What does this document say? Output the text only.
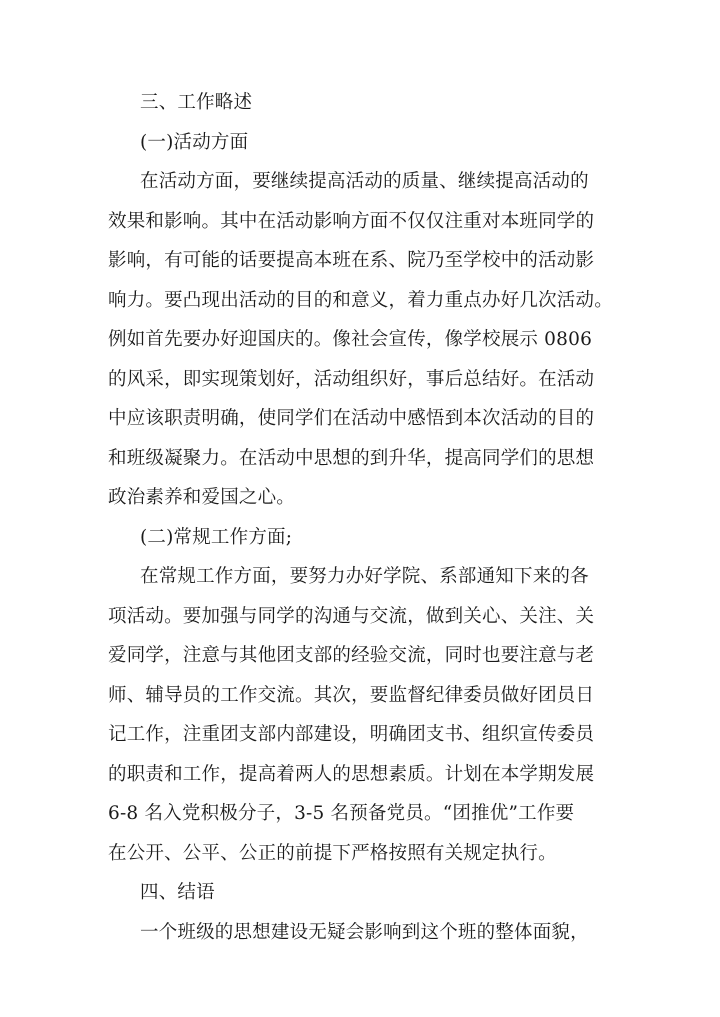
三、工作略述
(一)活动方面
在活动方面，要继续提高活动的质量、继续提高活动的
效果和影响。其中在活动影响方面不仅仅注重对本班同学的
影响，有可能的话要提高本班在系、院乃至学校中的活动影
响力。要凸现出活动的目的和意义，着力重点办好几次活动。
例如首先要办好迎国庆的。像社会宣传，像学校展示 0806
的风采，即实现策划好，活动组织好，事后总结好。在活动
中应该职责明确，使同学们在活动中感悟到本次活动的目的
和班级凝聚力。在活动中思想的到升华，提高同学们的思想
政治素养和爱国之心。
(二)常规工作方面;
在常规工作方面，要努力办好学院、系部通知下来的各
项活动。要加强与同学的沟通与交流，做到关心、关注、关
爱同学，注意与其他团支部的经验交流，同时也要注意与老
师、辅导员的工作交流。其次，要监督纪律委员做好团员日
记工作，注重团支部内部建设，明确团支书、组织宣传委员
的职责和工作，提高着两人的思想素质。计划在本学期发展
6-8 名入党积极分子，3-5 名预备党员。“团推优”工作要
在公开、公平、公正的前提下严格按照有关规定执行。
四、结语
一个班级的思想建设无疑会影响到这个班的整体面貌，
